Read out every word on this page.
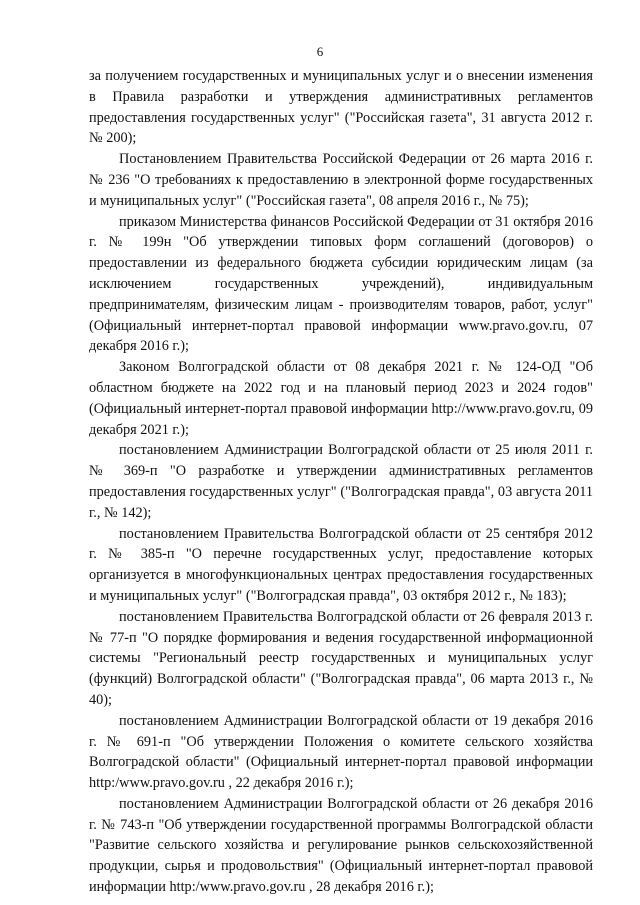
6

за получением государственных и муниципальных услуг и о внесении изменения в Правила разработки и утверждения административных регламентов предоставления государственных услуг" ("Российская газета", 31 августа 2012 г. № 200);

Постановлением Правительства Российской Федерации от 26 марта 2016 г. № 236 "О требованиях к предоставлению в электронной форме государственных и муниципальных услуг" ("Российская газета", 08 апреля 2016 г., № 75);

приказом Министерства финансов Российской Федерации от 31 октября 2016 г. № 199н "Об утверждении типовых форм соглашений (договоров) о предоставлении из федерального бюджета субсидии юридическим лицам (за исключением государственных учреждений), индивидуальным предпринимателям, физическим лицам - производителям товаров, работ, услуг" (Официальный интернет-портал правовой информации www.pravo.gov.ru, 07 декабря 2016 г.);

Законом Волгоградской области от 08 декабря 2021 г. № 124-ОД "Об областном бюджете на 2022 год и на плановый период 2023 и 2024 годов" (Официальный интернет-портал правовой информации http://www.pravo.gov.ru, 09 декабря 2021 г.);

постановлением Администрации Волгоградской области от 25 июля 2011 г. № 369-п "О разработке и утверждении административных регламентов предоставления государственных услуг" ("Волгоградская правда", 03 августа 2011 г., № 142);

постановлением Правительства Волгоградской области от 25 сентября 2012 г. № 385-п "О перечне государственных услуг, предоставление которых организуется в многофункциональных центрах предоставления государственных и муниципальных услуг" ("Волгоградская правда", 03 октября 2012 г., № 183);

постановлением Правительства Волгоградской области от 26 февраля 2013 г. № 77-п "О порядке формирования и ведения государственной информационной системы "Региональный реестр государственных и муниципальных услуг (функций) Волгоградской области" ("Волгоградская правда", 06 марта 2013 г., № 40);

постановлением Администрации Волгоградской области от 19 декабря 2016 г. № 691-п "Об утверждении Положения о комитете сельского хозяйства Волгоградской области" (Официальный интернет-портал правовой информации http:/www.pravo.gov.ru , 22 декабря 2016 г.);

постановлением Администрации Волгоградской области от 26 декабря 2016 г. № 743-п "Об утверждении государственной программы Волгоградской области "Развитие сельского хозяйства и регулирование рынков сельскохозяйственной продукции, сырья и продовольствия" (Официальный интернет-портал правовой информации http:/www.pravo.gov.ru , 28 декабря 2016 г.);
